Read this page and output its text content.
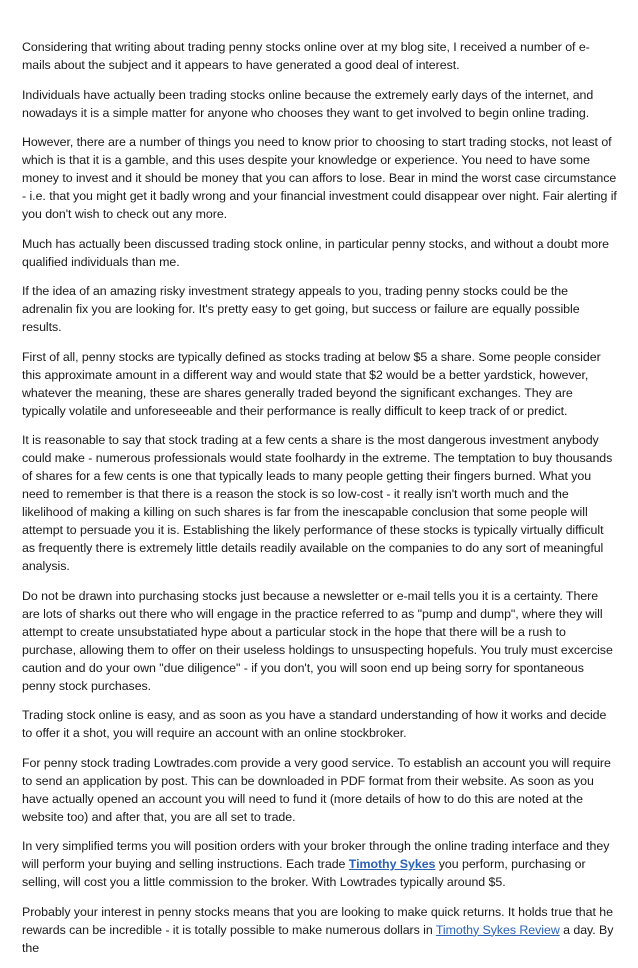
Considering that writing about trading penny stocks online over at my blog site, I received a number of e-mails about the subject and it appears to have generated a good deal of interest.

Individuals have actually been trading stocks online because the extremely early days of the internet, and nowadays it is a simple matter for anyone who chooses they want to get involved to begin online trading.

However, there are a number of things you need to know prior to choosing to start trading stocks, not least of which is that it is a gamble, and this uses despite your knowledge or experience. You need to have some money to invest and it should be money that you can affors to lose. Bear in mind the worst case circumstance - i.e. that you might get it badly wrong and your financial investment could disappear over night. Fair alerting if you don't wish to check out any more.

Much has actually been discussed trading stock online, in particular penny stocks, and without a doubt more qualified individuals than me.

If the idea of an amazing risky investment strategy appeals to you, trading penny stocks could be the adrenalin fix you are looking for. It's pretty easy to get going, but success or failure are equally possible results.

First of all, penny stocks are typically defined as stocks trading at below $5 a share. Some people consider this approximate amount in a different way and would state that $2 would be a better yardstick, however, whatever the meaning, these are shares generally traded beyond the significant exchanges. They are typically volatile and unforeseeable and their performance is really difficult to keep track of or predict.

It is reasonable to say that stock trading at a few cents a share is the most dangerous investment anybody could make - numerous professionals would state foolhardy in the extreme. The temptation to buy thousands of shares for a few cents is one that typically leads to many people getting their fingers burned. What you need to remember is that there is a reason the stock is so low-cost - it really isn't worth much and the likelihood of making a killing on such shares is far from the inescapable conclusion that some people will attempt to persuade you it is. Establishing the likely performance of these stocks is typically virtually difficult as frequently there is extremely little details readily available on the companies to do any sort of meaningful analysis.

Do not be drawn into purchasing stocks just because a newsletter or e-mail tells you it is a certainty. There are lots of sharks out there who will engage in the practice referred to as "pump and dump", where they will attempt to create unsubstatiated hype about a particular stock in the hope that there will be a rush to purchase, allowing them to offer on their useless holdings to unsuspecting hopefuls. You truly must excercise caution and do your own "due diligence" - if you don't, you will soon end up being sorry for spontaneous penny stock purchases.

Trading stock online is easy, and as soon as you have a standard understanding of how it works and decide to offer it a shot, you will require an account with an online stockbroker.

For penny stock trading Lowtrades.com provide a very good service. To establish an account you will require to send an application by post. This can be downloaded in PDF format from their website. As soon as you have actually opened an account you will need to fund it (more details of how to do this are noted at the website too) and after that, you are all set to trade.

In very simplified terms you will position orders with your broker through the online trading interface and they will perform your buying and selling instructions. Each trade Timothy Sykes you perform, purchasing or selling, will cost you a little commission to the broker. With Lowtrades typically around $5.

Probably your interest in penny stocks means that you are looking to make quick returns. It holds true that he rewards can be incredible - it is totally possible to make numerous dollars in Timothy Sykes Review a day. By the
